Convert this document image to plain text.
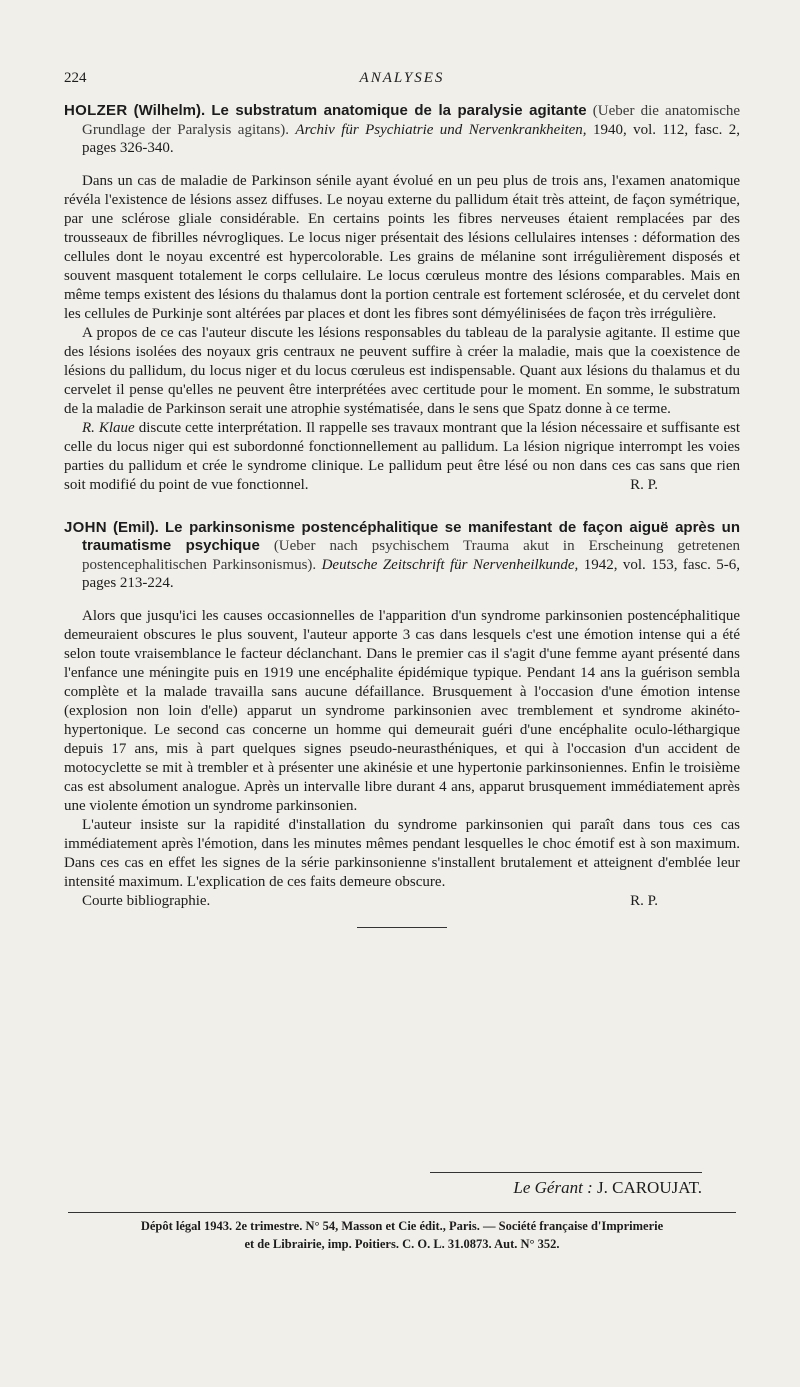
224	ANALYSES
HOLZER (Wilhelm). Le substratum anatomique de la paralysie agitante (Ueber die anatomische Grundlage der Paralysis agitans). Archiv für Psychiatrie und Nervenkrankheiten, 1940, vol. 112, fasc. 2, pages 326-340.

Dans un cas de maladie de Parkinson sénile ayant évolué en un peu plus de trois ans, l'examen anatomique révéla l'existence de lésions assez diffuses. Le noyau externe du pallidum était très atteint, de façon symétrique, par une sclérose gliale considérable. En certains points les fibres nerveuses étaient remplacées par des trousseaux de fibrilles névrogliques. Le locus niger présentait des lésions cellulaires intenses : déformation des cellules dont le noyau excentré est hypercolorable. Les grains de mélanine sont irrégulièrement disposés et souvent masquent totalement le corps cellulaire. Le locus cœruleus montre des lésions comparables. Mais en même temps existent des lésions du thalamus dont la portion centrale est fortement sclérosée, et du cervelet dont les cellules de Purkinje sont altérées par places et dont les fibres sont démyélinisées de façon très irrégulière.

A propos de ce cas l'auteur discute les lésions responsables du tableau de la paralysie agitante. Il estime que des lésions isolées des noyaux gris centraux ne peuvent suffire à créer la maladie, mais que la coexistence de lésions du pallidum, du locus niger et du locus cœruleus est indispensable. Quant aux lésions du thalamus et du cervelet il pense qu'elles ne peuvent être interprétées avec certitude pour le moment. En somme, le substratum de la maladie de Parkinson serait une atrophie systématisée, dans le sens que Spatz donne à ce terme.

R. Klaue discute cette interprétation. Il rappelle ses travaux montrant que la lésion nécessaire et suffisante est celle du locus niger qui est subordonné fonctionnellement au pallidum. La lésion nigrique interrompt les voies parties du pallidum et crée le syndrome clinique. Le pallidum peut être lésé ou non dans ces cas sans que rien soit modifié du point de vue fonctionnel.	R. P.
JOHN (Emil). Le parkinsonisme postencéphalitique se manifestant de façon aiguë après un traumatisme psychique (Ueber nach psychischem Trauma akut in Erscheinung getretenen postencephalitischen Parkinsonismus). Deutsche Zeitschrift für Nervenheilkunde, 1942, vol. 153, fasc. 5-6, pages 213-224.

Alors que jusqu'ici les causes occasionnelles de l'apparition d'un syndrome parkinsonien postencéphalitique demeuraient obscures le plus souvent, l'auteur apporte 3 cas dans lesquels c'est une émotion intense qui a été selon toute vraisemblance le facteur déclanchant. Dans le premier cas il s'agit d'une femme ayant présenté dans l'enfance une méningite puis en 1919 une encéphalite épidémique typique. Pendant 14 ans la guérison sembla complète et la malade travailla sans aucune défaillance. Brusquement à l'occasion d'une émotion intense (explosion non loin d'elle) apparut un syndrome parkinsonien avec tremblement et syndrome akinéto-hypertonique. Le second cas concerne un homme qui demeurait guéri d'une encéphalite oculo-léthargique depuis 17 ans, mis à part quelques signes pseudo-neurasthéniques, et qui à l'occasion d'un accident de motocyclette se mit à trembler et à présenter une akinésie et une hypertonie parkinsoniennes. Enfin le troisième cas est absolument analogue. Après un intervalle libre durant 4 ans, apparut brusquement immédiatement après une violente émotion un syndrome parkinsonien.

L'auteur insiste sur la rapidité d'installation du syndrome parkinsonien qui paraît dans tous ces cas immédiatement après l'émotion, dans les minutes mêmes pendant lesquelles le choc émotif est à son maximum. Dans ces cas en effet les signes de la série parkinsonienne s'installent brutalement et atteignent d'emblée leur intensité maximum. L'explication de ces faits demeure obscure.

Courte bibliographie.	R. P.
Le Gérant : J. CAROUJAT.
Dépôt légal 1943. 2e trimestre. N° 54, Masson et Cie édit., Paris. — Société française d'Imprimerie
et de Librairie, imp. Poitiers. C. O. L. 31.0873. Aut. N° 352.
